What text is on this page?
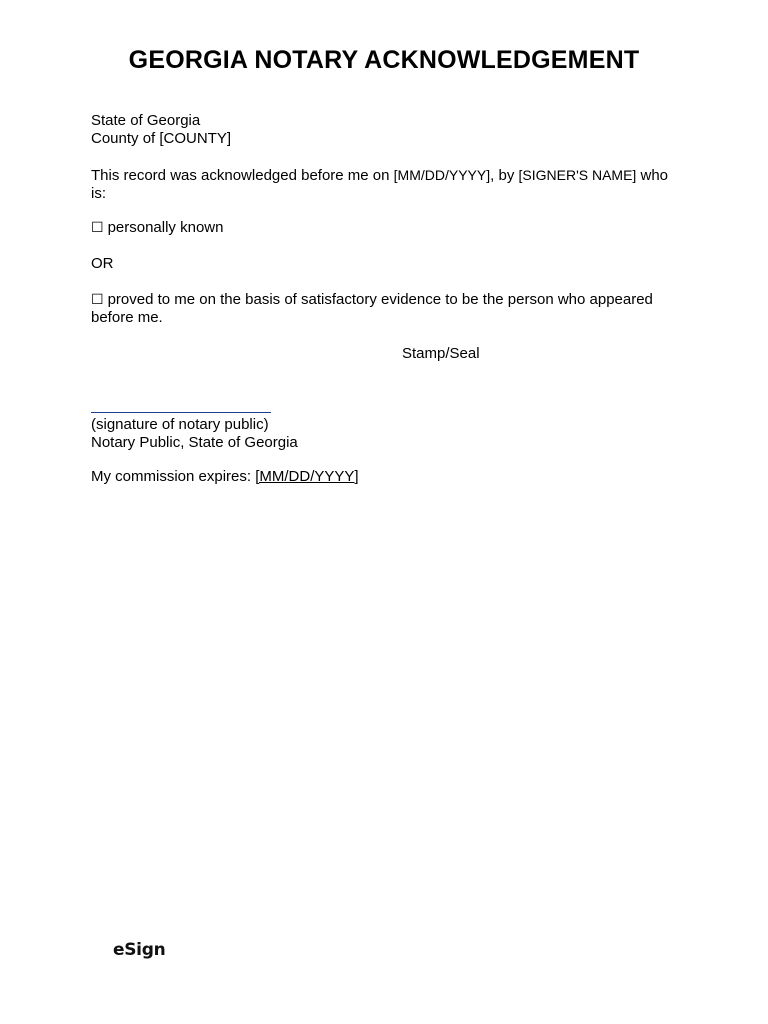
GEORGIA NOTARY ACKNOWLEDGEMENT
State of Georgia
County of [COUNTY]
This record was acknowledged before me on [MM/DD/YYYY], by [SIGNER'S NAME] who is:
☐ personally known
OR
☐ proved to me on the basis of satisfactory evidence to be the person who appeared before me.
Stamp/Seal
(signature of notary public)
Notary Public, State of Georgia
My commission expires: [MM/DD/YYYY]
eSign
